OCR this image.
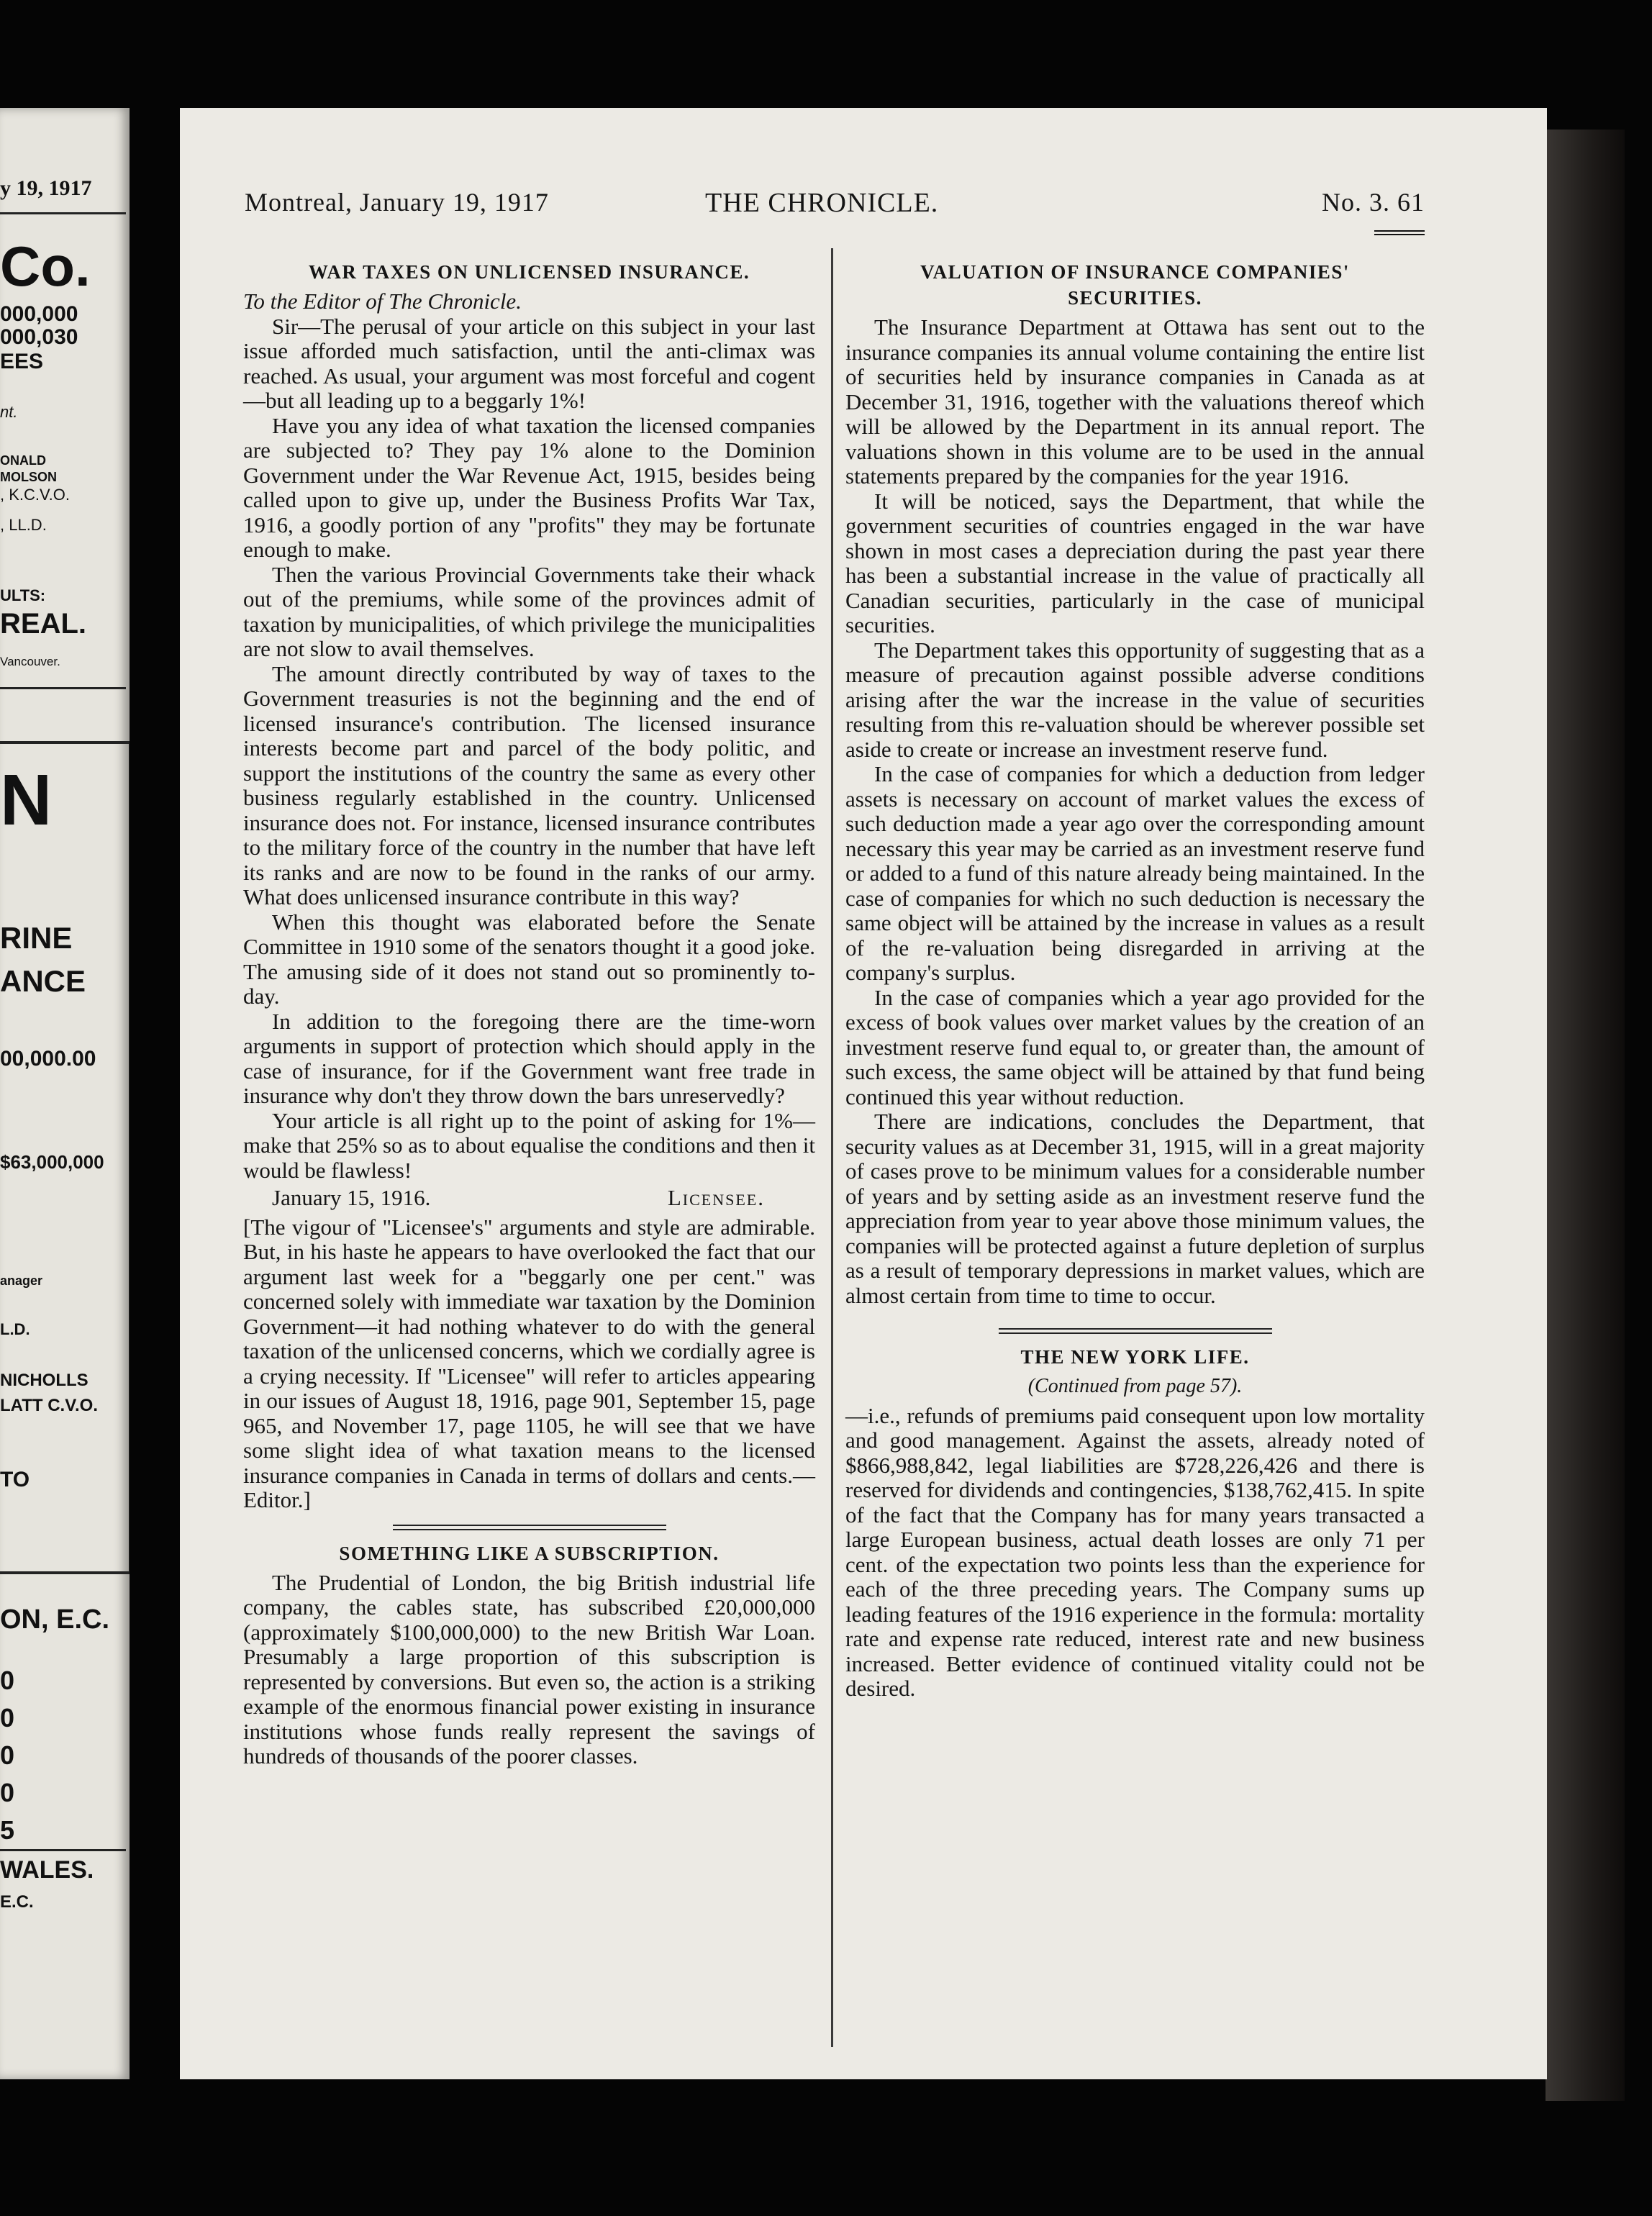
y 19, 1917
Co.
000,000
000,030
EES
nt.
ONALD
MOLSON
, K.C.V.O.
, LL.D.
ULTS:
REAL.
Vancouver.
N
RINE
ANCE
00,000.00
$63,000,000
anager
L.D.
NICHOLLS
LATT C.V.O.
TO
ON, E.C.
0
0
0
0
5
WALES.
E.C.
Montreal, January 19, 1917	THE CHRONICLE.	No. 3. 61
WAR TAXES ON UNLICENSED INSURANCE.
To the Editor of The Chronicle.

Sir—The perusal of your article on this subject in your last issue afforded much satisfaction, until the anti-climax was reached. As usual, your argument was most forceful and cogent—but all leading up to a beggarly 1%!

Have you any idea of what taxation the licensed companies are subjected to? They pay 1% alone to the Dominion Government under the War Revenue Act, 1915, besides being called upon to give up, under the Business Profits War Tax, 1916, a goodly portion of any "profits" they may be fortunate enough to make.

Then the various Provincial Governments take their whack out of the premiums, while some of the provinces admit of taxation by municipalities, of which privilege the municipalities are not slow to avail themselves.

The amount directly contributed by way of taxes to the Government treasuries is not the beginning and the end of licensed insurance's contribution. The licensed insurance interests become part and parcel of the body politic, and support the institutions of the country the same as every other business regularly established in the country. Unlicensed insurance does not. For instance, licensed insurance contributes to the military force of the country in the number that have left its ranks and are now to be found in the ranks of our army. What does unlicensed insurance contribute in this way?

When this thought was elaborated before the Senate Committee in 1910 some of the senators thought it a good joke. The amusing side of it does not stand out so prominently to-day.

In addition to the foregoing there are the time-worn arguments in support of protection which should apply in the case of insurance, for if the Government want free trade in insurance why don't they throw down the bars unreservedly?

Your article is all right up to the point of asking for 1%—make that 25% so as to about equalise the conditions and then it would be flawless!

January 15, 1916.	Licensee.

[The vigour of "Licensee's" arguments and style are admirable. But, in his haste he appears to have overlooked the fact that our argument last week for a "beggarly one per cent." was concerned solely with immediate war taxation by the Dominion Government—it had nothing whatever to do with the general taxation of the unlicensed concerns, which we cordially agree is a crying necessity. If "Licensee" will refer to articles appearing in our issues of August 18, 1916, page 901, September 15, page 965, and November 17, page 1105, he will see that we have some slight idea of what taxation means to the licensed insurance companies in Canada in terms of dollars and cents.—Editor.]

SOMETHING LIKE A SUBSCRIPTION.

The Prudential of London, the big British industrial life company, the cables state, has subscribed £20,000,000 (approximately $100,000,000) to the new British War Loan. Presumably a large proportion of this subscription is represented by conversions. But even so, the action is a striking example of the enormous financial power existing in insurance institutions whose funds really represent the savings of hundreds of thousands of the poorer classes.

VALUATION OF INSURANCE COMPANIES' SECURITIES.

The Insurance Department at Ottawa has sent out to the insurance companies its annual volume containing the entire list of securities held by insurance companies in Canada as at December 31, 1916, together with the valuations thereof which will be allowed by the Department in its annual report. The valuations shown in this volume are to be used in the annual statements prepared by the companies for the year 1916.

It will be noticed, says the Department, that while the government securities of countries engaged in the war have shown in most cases a depreciation during the past year there has been a substantial increase in the value of practically all Canadian securities, particularly in the case of municipal securities.

The Department takes this opportunity of suggesting that as a measure of precaution against possible adverse conditions arising after the war the increase in the value of securities resulting from this re-valuation should be wherever possible set aside to create or increase an investment reserve fund.

In the case of companies for which a deduction from ledger assets is necessary on account of market values the excess of such deduction made a year ago over the corresponding amount necessary this year may be carried as an investment reserve fund or added to a fund of this nature already being maintained. In the case of companies for which no such deduction is necessary the same object will be attained by the increase in values as a result of the re-valuation being disregarded in arriving at the company's surplus.

In the case of companies which a year ago provided for the excess of book values over market values by the creation of an investment reserve fund equal to, or greater than, the amount of such excess, the same object will be attained by that fund being continued this year without reduction.

There are indications, concludes the Department, that security values as at December 31, 1915, will in a great majority of cases prove to be minimum values for a considerable number of years and by setting aside as an investment reserve fund the appreciation from year to year above those minimum values, the companies will be protected against a future depletion of surplus as a result of temporary depressions in market values, which are almost certain from time to time to occur.

THE NEW YORK LIFE.
(Continued from page 57).

—i.e., refunds of premiums paid consequent upon low mortality and good management. Against the assets, already noted of $866,988,842, legal liabilities are $728,226,426 and there is reserved for dividends and contingencies, $138,762,415. In spite of the fact that the Company has for many years transacted a large European business, actual death losses are only 71 per cent. of the expectation two points less than the experience for each of the three preceding years. The Company sums up leading features of the 1916 experience in the formula: mortality rate and expense rate reduced, interest rate and new business increased. Better evidence of continued vitality could not be desired.
